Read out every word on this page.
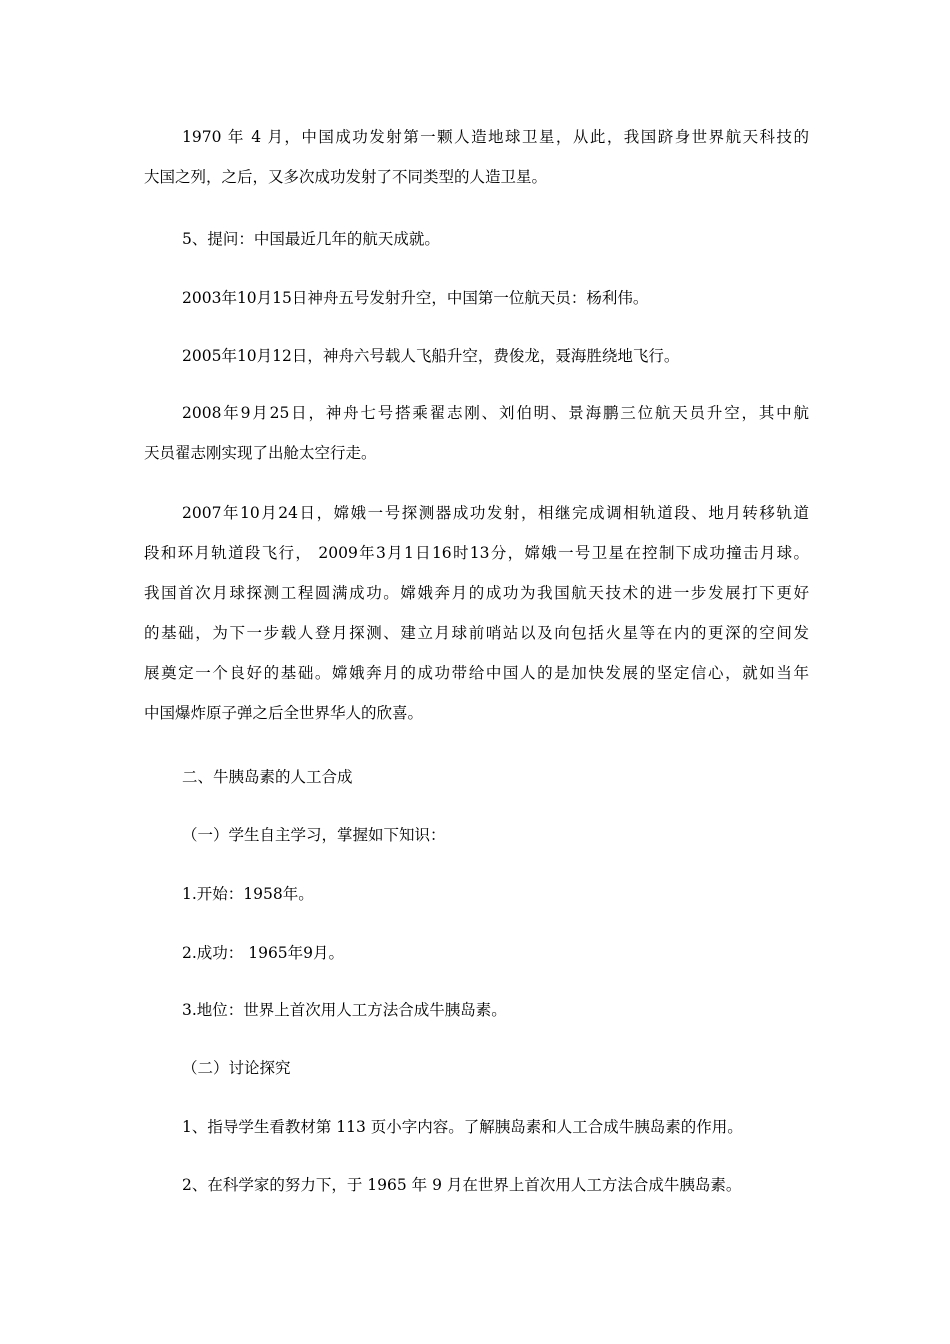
1970 年 4 月，中国成功发射第一颗人造地球卫星，从此，我国跻身世界航天科技的
大国之列，之后，又多次成功发射了不同类型的人造卫星。
5、提问：中国最近几年的航天成就。
2003年10月15日神舟五号发射升空，中国第一位航天员：杨利伟。
2005年10月12日，神舟六号载人飞船升空，费俊龙，聂海胜绕地飞行。
2008年9月25日，神舟七号搭乘翟志刚、刘伯明、景海鹏三位航天员升空，其中航
天员翟志刚实现了出舱太空行走。
2007年10月24日，嫦娥一号探测器成功发射，相继完成调相轨道段、地月转移轨道
段和环月轨道段飞行， 2009年3月1日16时13分，嫦娥一号卫星在控制下成功撞击月球。
我国首次月球探测工程圆满成功。嫦娥奔月的成功为我国航天技术的进一步发展打下更好
的基础，为下一步载人登月探测、建立月球前哨站以及向包括火星等在内的更深的空间发
展奠定一个良好的基础。嫦娥奔月的成功带给中国人的是加快发展的坚定信心，就如当年
中国爆炸原子弹之后全世界华人的欣喜。
二、牛胰岛素的人工合成
（一）学生自主学习，掌握如下知识：
1.开始：1958年。
2.成功： 1965年9月。
3.地位：世界上首次用人工方法合成牛胰岛素。
（二）讨论探究
1、指导学生看教材第 113 页小字内容。了解胰岛素和人工合成牛胰岛素的作用。
2、在科学家的努力下，于 1965 年 9 月在世界上首次用人工方法合成牛胰岛素。
